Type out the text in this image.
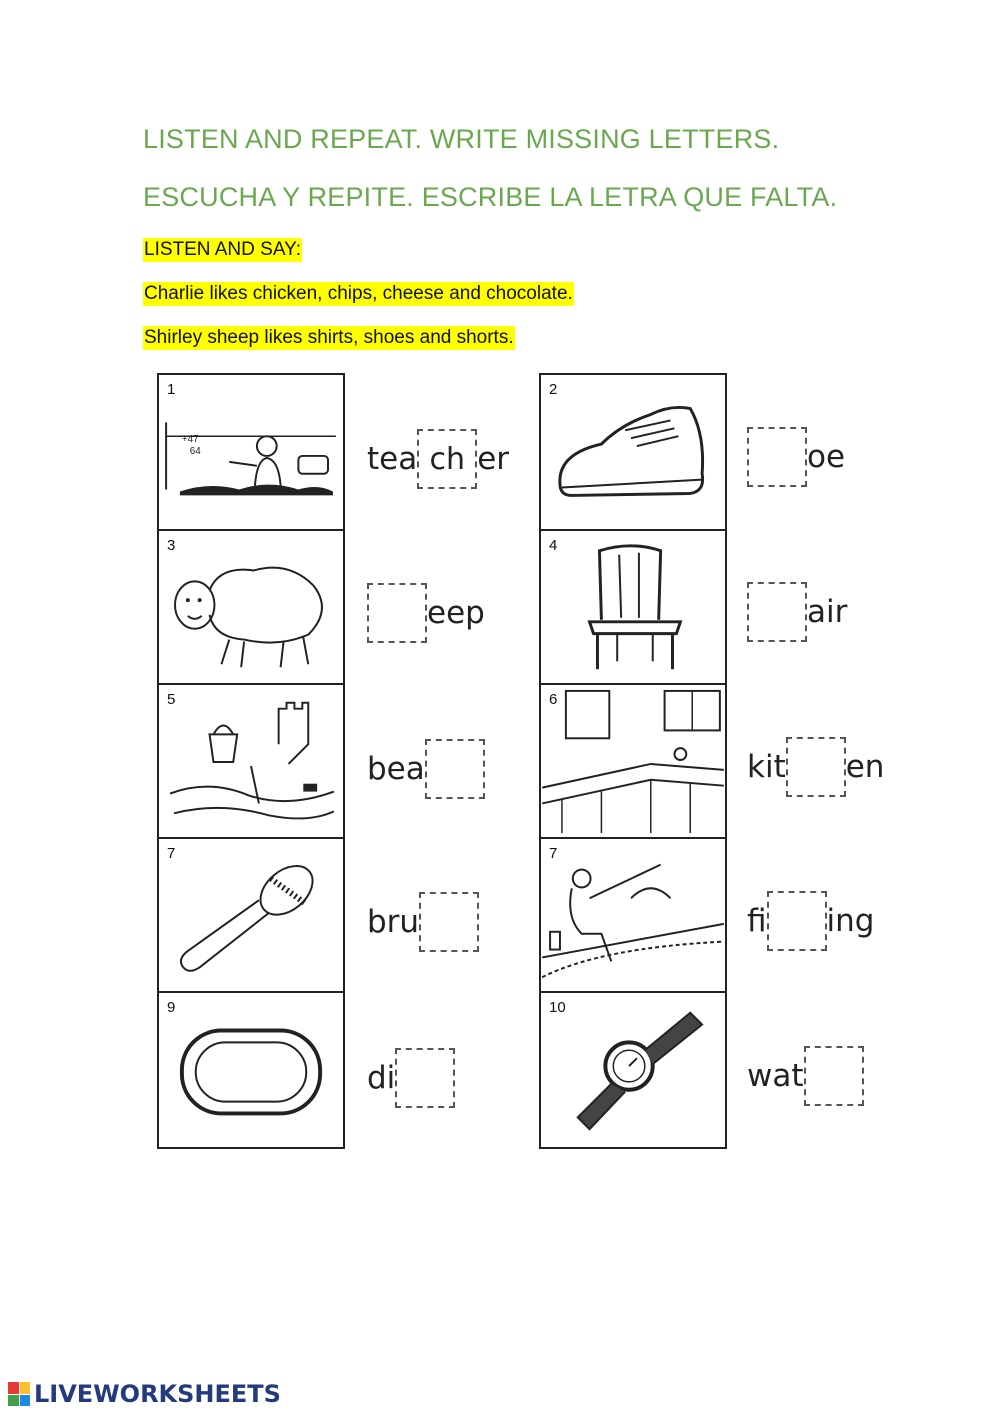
LISTEN AND REPEAT. WRITE MISSING LETTERS.
ESCUCHA Y REPITE. ESCRIBE LA LETRA QUE FALTA.
LISTEN AND SAY:
Charlie likes chicken, chips, cheese and chocolate.
Shirley sheep likes shirts, shoes and shorts.
1
+47
64
3
5
7
9
2
4
6
7
10
tea ch er
eep
bea
bru
di
oe
air
kit en
fi ing
wat
LIVEWORKSHEETS
